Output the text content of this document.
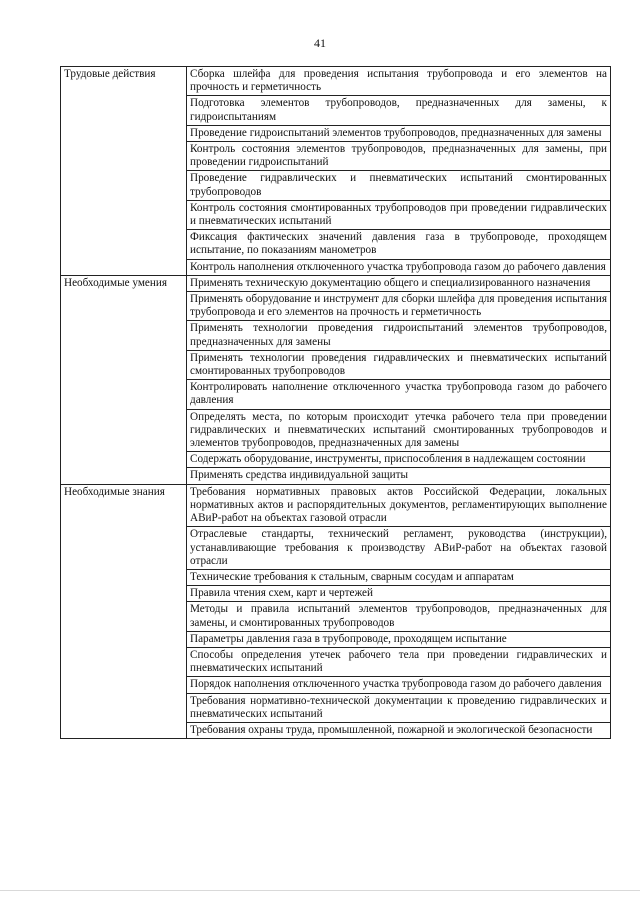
41
Трудовые действия	Сборка шлейфа для проведения испытания трубопровода и его элементов на прочность и герметичность
	Подготовка элементов трубопроводов, предназначенных для замены, к гидроиспытаниям
	Проведение гидроиспытаний элементов трубопроводов, предназначенных для замены
	Контроль состояния элементов трубопроводов, предназначенных для замены, при проведении гидроиспытаний
	Проведение гидравлических и пневматических испытаний смонтированных трубопроводов
	Контроль состояния смонтированных трубопроводов при проведении гидравлических и пневматических испытаний
	Фиксация фактических значений давления газа в трубопроводе, проходящем испытание, по показаниям манометров
	Контроль наполнения отключенного участка трубопровода газом до рабочего давления

Необходимые умения	Применять техническую документацию общего и специализированного назначения
	Применять оборудование и инструмент для сборки шлейфа для проведения испытания трубопровода и его элементов на прочность и герметичность
	Применять технологии проведения гидроиспытаний элементов трубопроводов, предназначенных для замены
	Применять технологии проведения гидравлических и пневматических испытаний смонтированных трубопроводов
	Контролировать наполнение отключенного участка трубопровода газом до рабочего давления
	Определять места, по которым происходит утечка рабочего тела при проведении гидравлических и пневматических испытаний смонтированных трубопроводов и элементов трубопроводов, предназначенных для замены
	Содержать оборудование, инструменты, приспособления в надлежащем состоянии
	Применять средства индивидуальной защиты

Необходимые знания	Требования нормативных правовых актов Российской Федерации, локальных нормативных актов и распорядительных документов, регламентирующих выполнение АВиР-работ на объектах газовой отрасли
	Отраслевые стандарты, технический регламент, руководства (инструкции), устанавливающие требования к производству АВиР-работ на объектах газовой отрасли
	Технические требования к стальным, сварным сосудам и аппаратам
	Правила чтения схем, карт и чертежей
	Методы и правила испытаний элементов трубопроводов, предназначенных для замены, и смонтированных трубопроводов
	Параметры давления газа в трубопроводе, проходящем испытание
	Способы определения утечек рабочего тела при проведении гидравлических и пневматических испытаний
	Порядок наполнения отключенного участка трубопровода газом до рабочего давления
	Требования нормативно-технической документации к проведению гидравлических и пневматических испытаний
	Требования охраны труда, промышленной, пожарной и экологической безопасности
